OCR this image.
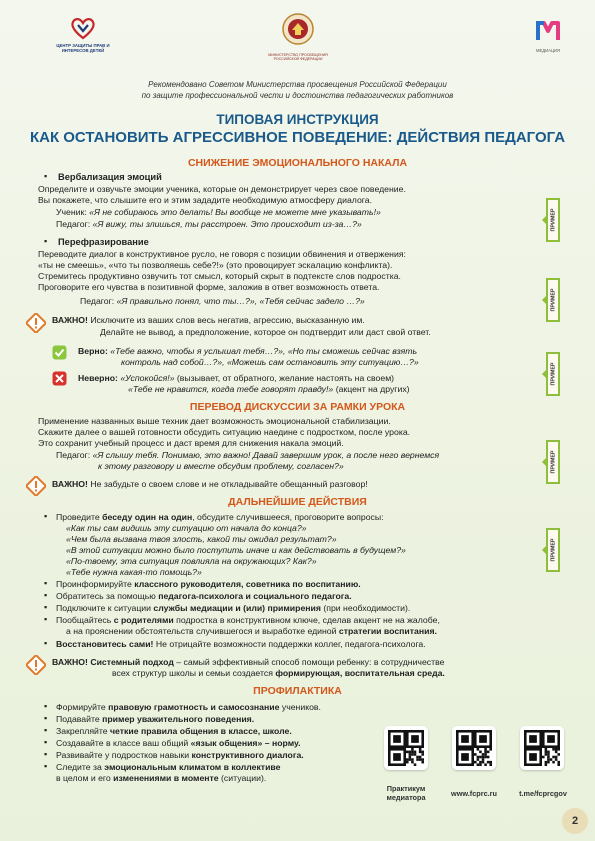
ЦЕНТР ЗАЩИТЫ ПРАВ И ИНТЕРЕСОВ ДЕТЕЙ
МИНИСТЕРСТВО ПРОСВЕЩЕНИЯ РОССИЙСКОЙ ФЕДЕРАЦИИ
МЕДИАЦИЯ
Рекомендовано Советом Министерства просвещения Российской Федерации
по защите профессиональной чести и достоинства педагогических работников
ТИПОВАЯ ИНСТРУКЦИЯ
КАК ОСТАНОВИТЬ АГРЕССИВНОЕ ПОВЕДЕНИЕ: ДЕЙСТВИЯ ПЕДАГОГА
СНИЖЕНИЕ ЭМОЦИОНАЛЬНОГО НАКАЛА
▪ Вербализация эмоций
Определите и озвучьте эмоции ученика, которые он демонстрирует через свое поведение.
Вы покажете, что слышите его и этим зададите необходимую атмосферу диалога.
Ученик: «Я не собираюсь это делать! Вы вообще не можете мне указывать!»
Педагог: «Я вижу, ты злишься, ты расстроен. Это происходит из-за…?»
▪ Перефразирование
Переводите диалог в конструктивное русло, не говоря с позиции обвинения и отвержения:
«ты не смеешь», «что ты позволяешь себе?!» (это провоцирует эскалацию конфликта).
Стремитесь продуктивно озвучить тот смысл, который скрыт в подтексте слов подростка.
Проговорите его чувства в позитивной форме, заложив в ответ возможность ответа.
Педагог: «Я правильно понял, что ты…?», «Тебя сейчас задело …?»
ВАЖНО! Исключите из ваших слов весь негатив, агрессию, высказанную им.
Делайте не вывод, а предположение, которое он подтвердит или даст свой ответ.
Верно: «Тебе важно, чтобы я услышал тебя…?», «Но ты сможешь сейчас взять
контроль над собой…?», «Можешь сам остановить эту ситуацию…?»
Неверно: «Успокойся!» (вызывает, от обратного, желание настоять на своем)
«Тебе не нравится, когда тебе говорят правду!» (акцент на других)
ПЕРЕВОД ДИСКУССИИ ЗА РАМКИ УРОКА
Применение названных выше техник дает возможность эмоциональной стабилизации.
Скажите далее о вашей готовности обсудить ситуацию наедине с подростком, после урока.
Это сохранит учебный процесс и даст время для снижения накала эмоций.
Педагог: «Я слышу тебя. Понимаю, это важно! Давай завершим урок, а после него вернемся
к этому разговору и вместе обсудим проблему, согласен?»
ВАЖНО! Не забудьте о своем слове и не откладывайте обещанный разговор!
ДАЛЬНЕЙШИЕ ДЕЙСТВИЯ
▪ Проведите беседу один на один, обсудите случившееся, проговорите вопросы:
«Как ты сам видишь эту ситуацию от начала до конца?»
«Чем была вызвана твоя злость, какой ты ожидал результат?»
«В этой ситуации можно было поступить иначе и как действовать в будущем?»
«По-твоему, эта ситуация повлияла на окружающих? Как?»
«Тебе нужна какая-то помощь?»
▪ Проинформируйте классного руководителя, советника по воспитанию.
▪ Обратитесь за помощью педагога-психолога и социального педагога.
▪ Подключите к ситуации службы медиации и (или) примирения (при необходимости).
▪ Пообщайтесь с родителями подростка в конструктивном ключе, сделав акцент не на жалобе,
а на прояснении обстоятельств случившегося и выработке единой стратегии воспитания.
▪ Восстановитесь сами! Не отрицайте возможности поддержки коллег, педагога-психолога.
ВАЖНО! Системный подход – самый эффективный способ помощи ребенку: в сотрудничестве
всех структур школы и семьи создается формирующая, воспитательная среда.
ПРОФИЛАКТИКА
▪ Формируйте правовую грамотность и самосознание учеников.
▪ Подавайте пример уважительного поведения.
▪ Закрепляйте четкие правила общения в классе, школе.
▪ Создавайте в классе ваш общий «язык общения» – норму.
▪ Развивайте у подростков навыки конструктивного диалога.
▪ Следите за эмоциональным климатом в коллективе
в целом и его изменениями в моменте (ситуации).
ПРИМЕР
ПРИМЕР
ПРИМЕР
ПРИМЕР
ПРИМЕР
Практикум
медиатора	www.fcprc.ru	t.me/fcprcgov
2
